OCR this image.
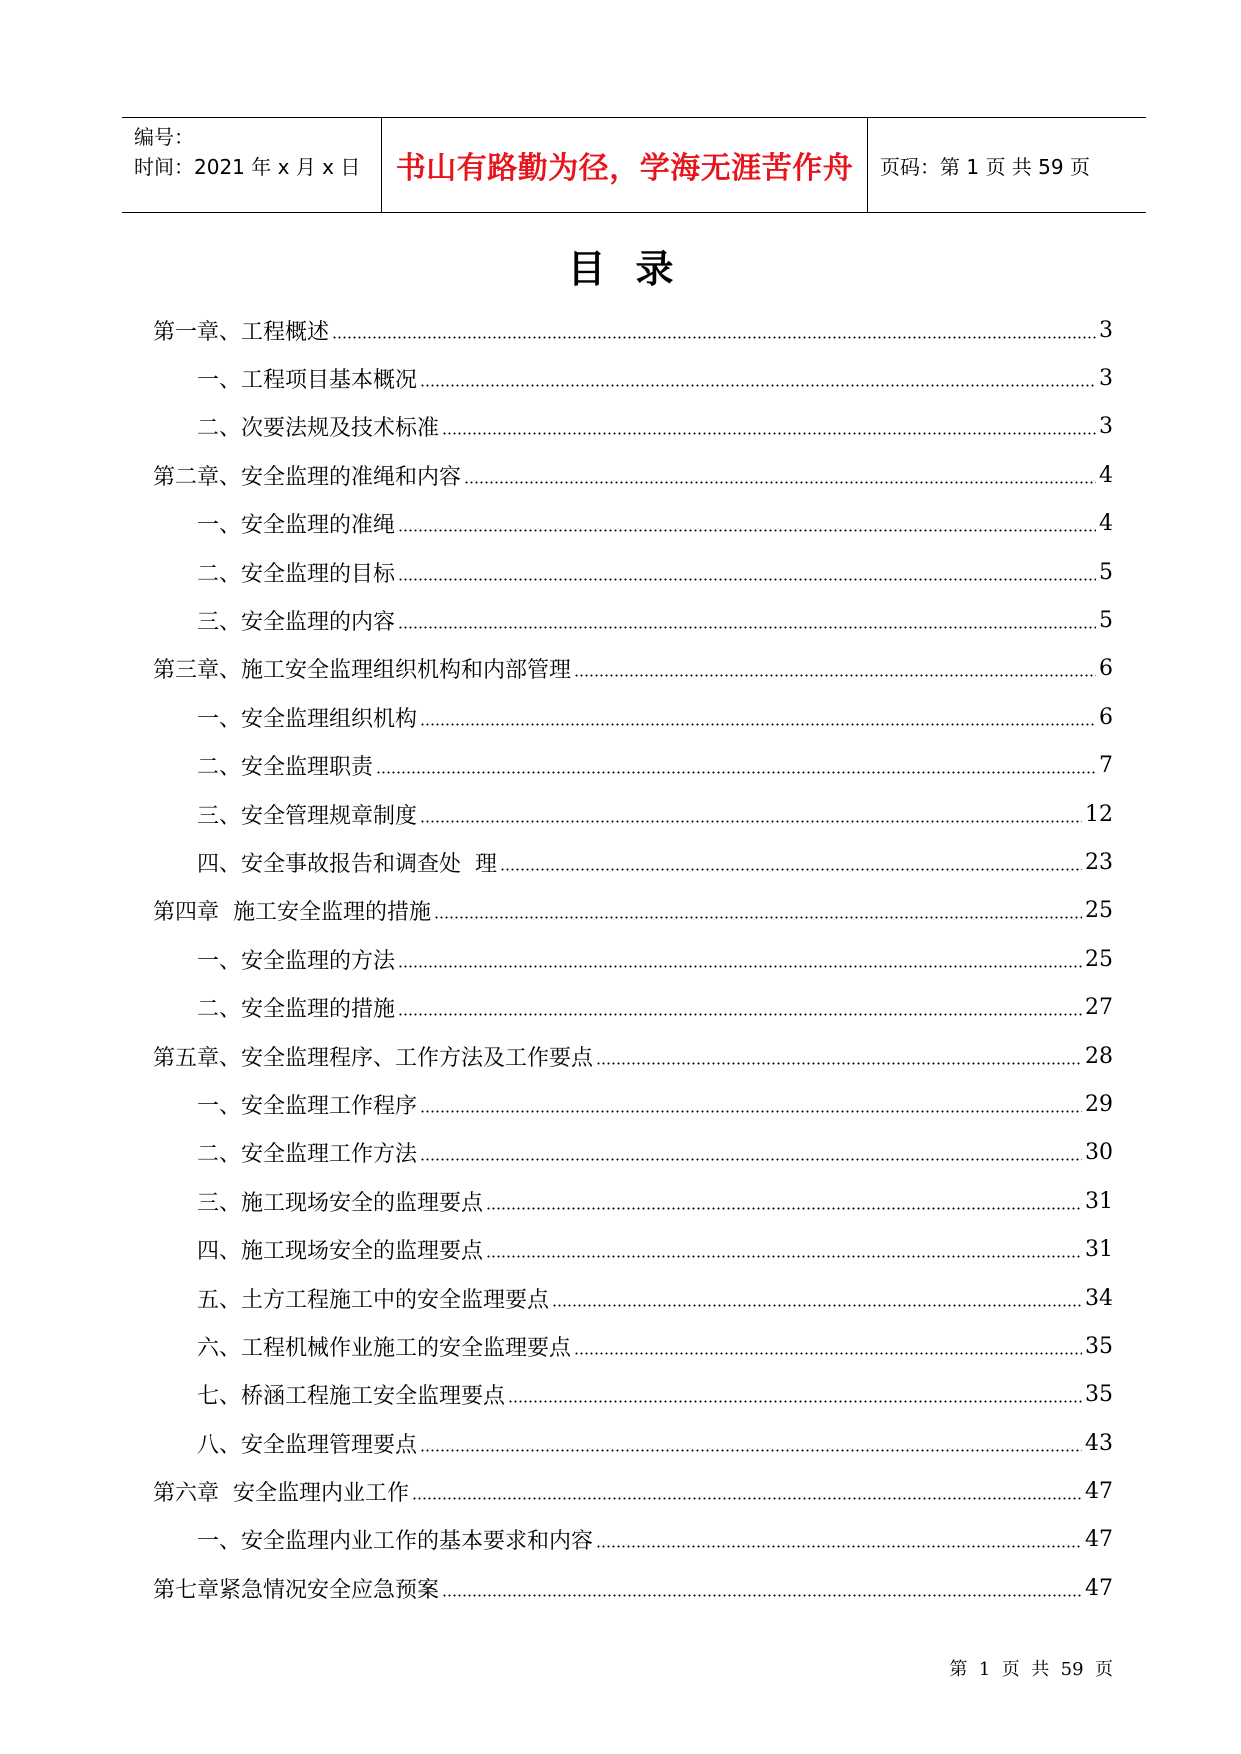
编号：
时间：2021 年 x 月 x 日	书山有路勤为径，学海无涯苦作舟	页码：第 1 页 共 59 页
目录
第一章、工程概述	3
一、工程项目基本概况	3
二、次要法规及技术标准	3
第二章、安全监理的准绳和内容	4
一、安全监理的准绳	4
二、安全监理的目标	5
三、安全监理的内容	5
第三章、施工安全监理组织机构和内部管理	6
一、安全监理组织机构	6
二、安全监理职责	7
三、安全管理规章制度	12
四、安全事故报告和调查处  理	23
第四章  施工安全监理的措施	25
一、安全监理的方法	25
二、安全监理的措施	27
第五章、安全监理程序、工作方法及工作要点	28
一、安全监理工作程序	29
二、安全监理工作方法	30
三、施工现场安全的监理要点	31
四、施工现场安全的监理要点	31
五、土方工程施工中的安全监理要点	34
六、工程机械作业施工的安全监理要点	35
七、桥涵工程施工安全监理要点	35
八、安全监理管理要点	43
第六章  安全监理内业工作	47
一、安全监理内业工作的基本要求和内容	47
第七章紧急情况安全应急预案	47
第  1  页  共  59  页
